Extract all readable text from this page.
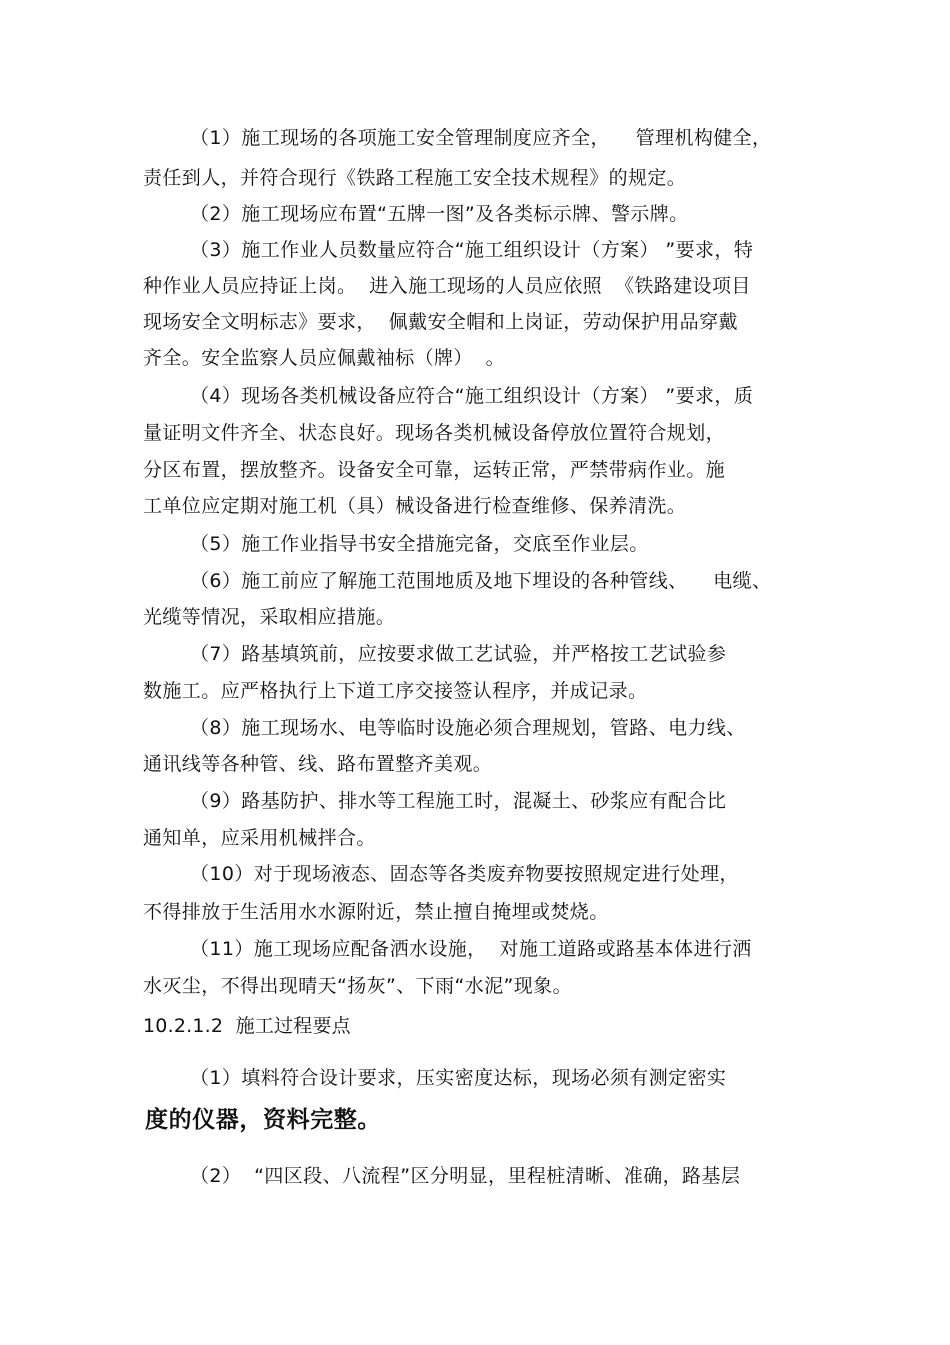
（1）施工现场的各项施工安全管理制度应齐全，    管理机构健全，
责任到人，并符合现行《铁路工程施工安全技术规程》的规定。
（2）施工现场应布置“五牌一图”及各类标示牌、警示牌。
（3）施工作业人员数量应符合“施工组织设计（方案） ”要求，特
种作业人员应持证上岗。  进入施工现场的人员应依照  《铁路建设项目
现场安全文明标志》要求，  佩戴安全帽和上岗证，劳动保护用品穿戴
齐全。安全监察人员应佩戴袖标（牌）  。
（4）现场各类机械设备应符合“施工组织设计（方案） ”要求，质
量证明文件齐全、状态良好。现场各类机械设备停放位置符合规划，
分区布置，摆放整齐。设备安全可靠，运转正常，严禁带病作业。施
工单位应定期对施工机（具）械设备进行检查维修、保养清洗。
（5）施工作业指导书安全措施完备，交底至作业层。
（6）施工前应了解施工范围地质及地下埋设的各种管线、    电缆、
光缆等情况，采取相应措施。
（7）路基填筑前，应按要求做工艺试验，并严格按工艺试验参
数施工。应严格执行上下道工序交接签认程序，并成记录。
（8）施工现场水、电等临时设施必须合理规划，管路、电力线、
通讯线等各种管、线、路布置整齐美观。
（9）路基防护、排水等工程施工时，混凝土、砂浆应有配合比
通知单，应采用机械拌合。
（10）对于现场液态、固态等各类废弃物要按照规定进行处理，
不得排放于生活用水水源附近，禁止擅自掩埋或焚烧。
（11）施工现场应配备洒水设施，  对施工道路或路基本体进行洒
水灭尘，不得出现晴天“扬灰”、下雨“水泥”现象。
10.2.1.2  施工过程要点
（1）填料符合设计要求，压实密度达标，现场必须有测定密实
度的仪器，资料完整。
（2）  “四区段、八流程”区分明显，里程桩清晰、准确，路基层
